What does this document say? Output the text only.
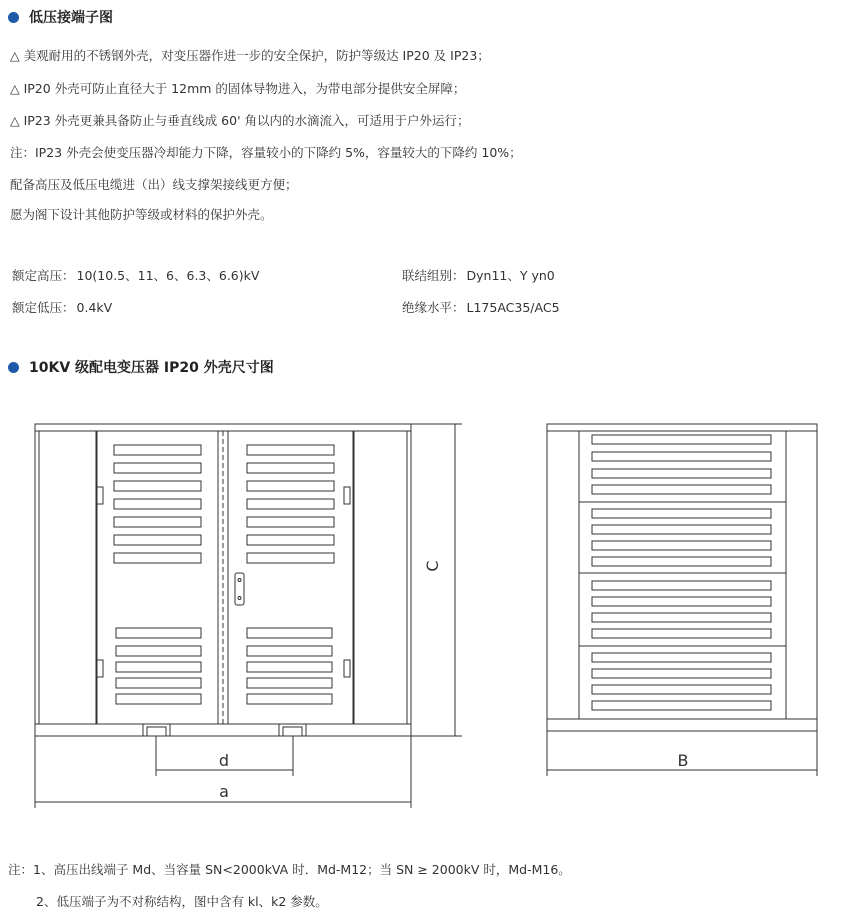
低压接端子图
△ 美观耐用的不锈钢外壳，对变压器作进一步的安全保护，防护等级达 IP20 及 IP23；
△ IP20 外壳可防止直径大于 12mm 的固体导物进入，为带电部分提供安全屏障；
△ IP23 外壳更兼具备防止与垂直线成 60' 角以内的水滴流入，可适用于户外运行；
注：IP23 外壳会使变压器冷却能力下降，容量较小的下降约 5%，容量较大的下降约 10%；
配备高压及低压电缆进（出）线支撑架接线更方便；
愿为阁下设计其他防护等级或材料的保护外壳。
额定高压： 10(10.5、11、6、6.3、6.6)kV
额定低压： 0.4kV
联结组别： Dyn11、Y yn0
绝缘水平： L175AC35/AC5
10KV 级配电变压器 IP20 外壳尺寸图
C
d
a
B
注：1、高压出线端子 Md、当容量 SN<2000kVA 时．Md-M12；当 SN ≥ 2000kV 时，Md-M16。
2、低压端子为不对称结构，图中含有 kl、k2 参数。
